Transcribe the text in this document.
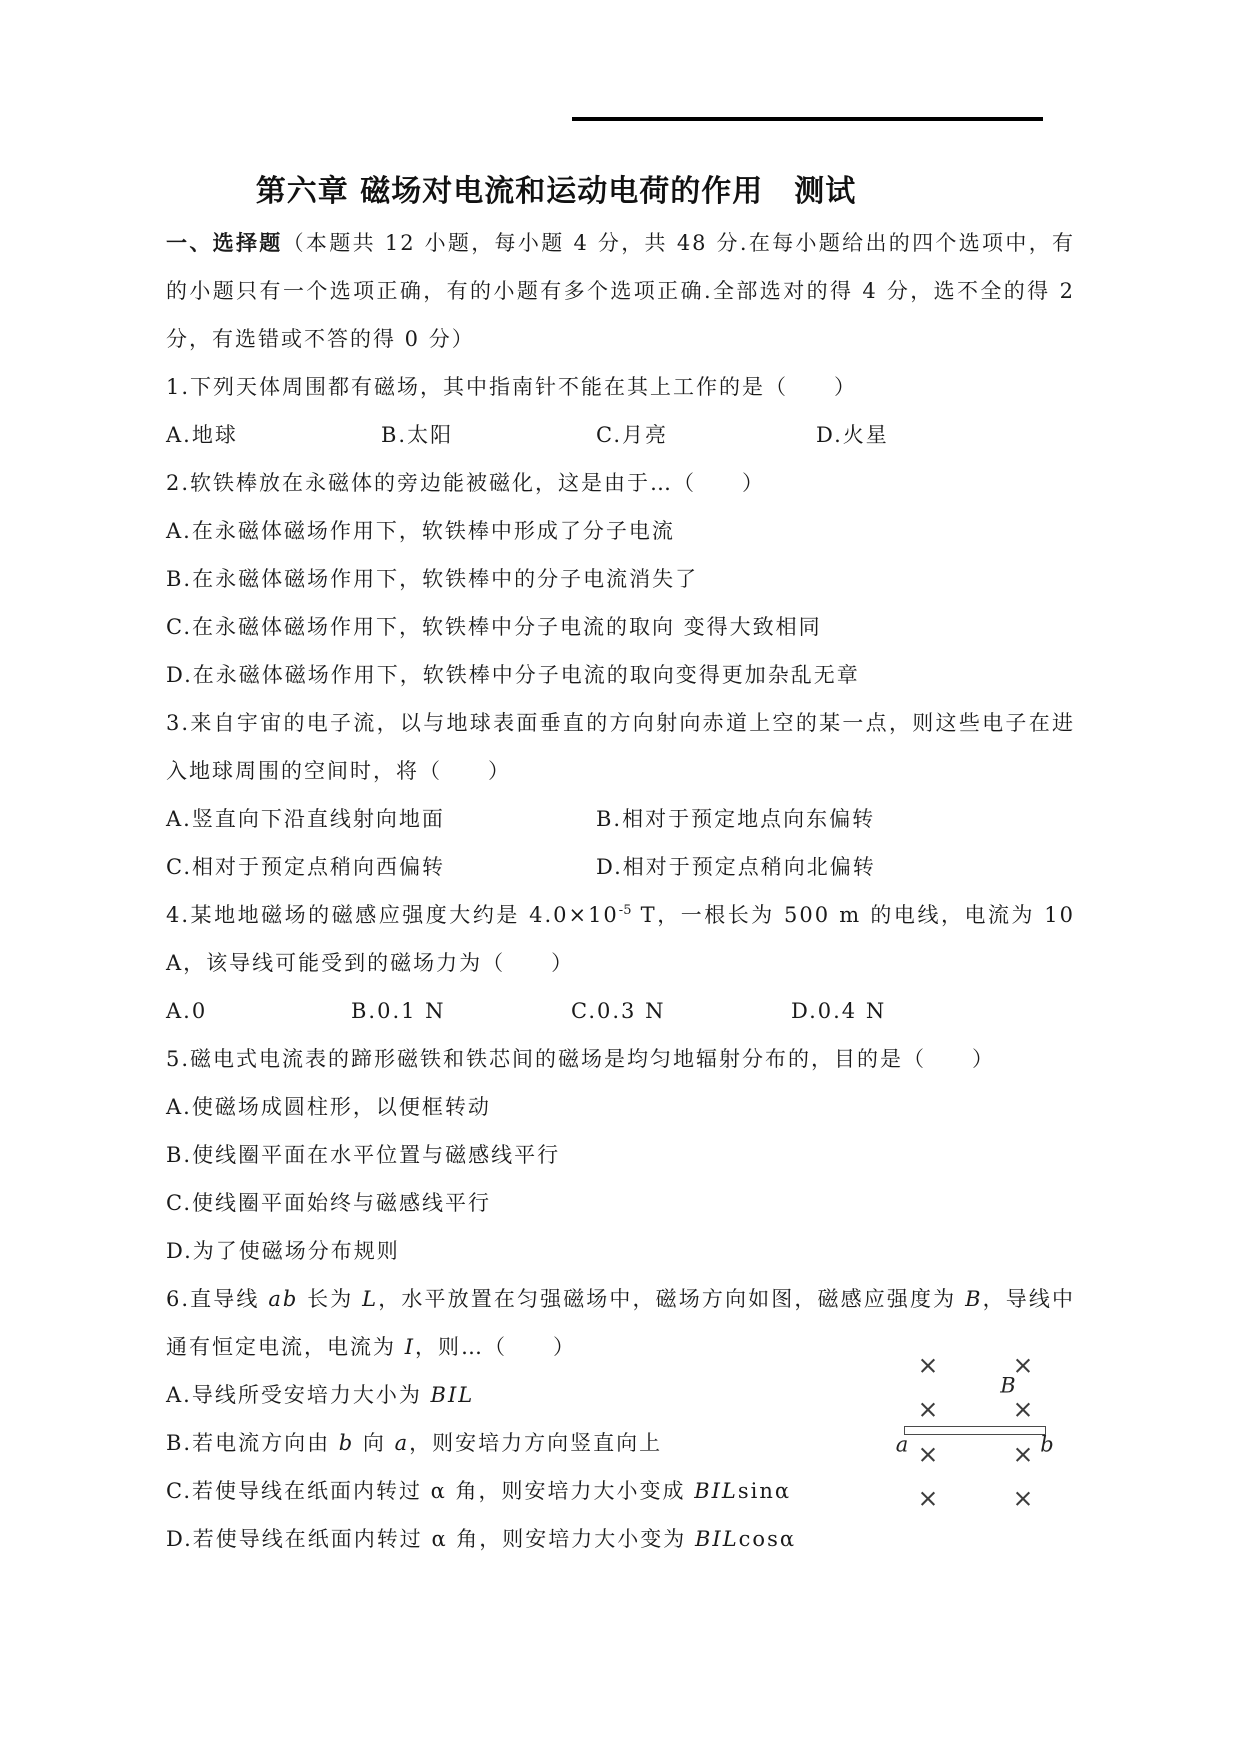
第六章 磁场对电流和运动电荷的作用　测试

一、选择题（本题共 12 小题，每小题 4 分，共 48 分.在每小题给出的四个选项中，有的小题只有一个选项正确，有的小题有多个选项正确.全部选对的得 4 分，选不全的得 2 分，有选错或不答的得 0 分）

1.下列天体周围都有磁场，其中指南针不能在其上工作的是（　　）

A.地球	B.太阳	C.月亮	D.火星

2.软铁棒放在永磁体的旁边能被磁化，这是由于…（　　）

A.在永磁体磁场作用下，软铁棒中形成了分子电流

B.在永磁体磁场作用下，软铁棒中的分子电流消失了

C.在永磁体磁场作用下，软铁棒中分子电流的取向 变得大致相同

D.在永磁体磁场作用下，软铁棒中分子电流的取向变得更加杂乱无章

3.来自宇宙的电子流，以与地球表面垂直的方向射向赤道上空的某一点，则这些电子在进入地球周围的空间时，将（　　）

A.竖直向下沿直线射向地面	B.相对于预定地点向东偏转
C.相对于预定点稍向西偏转	D.相对于预定点稍向北偏转

4.某地地磁场的磁感应强度大约是 $4.0\times 10^{-5}$ T，一根长为 500 m 的电线，电流为 10 A，该导线可能受到的磁场力为（　　）

A.0	B.0.1 N	C.0.3 N	D.0.4 N

5.磁电式电流表的蹄形磁铁和铁芯间的磁场是均匀地辐射分布的，目的是（　　）

A.使磁场成圆柱形，以便框转动

B.使线圈平面在水平位置与磁感线平行

C.使线圈平面始终与磁感线平行

D.为了使磁场分布规则

6.直导线 ab 长为 L，水平放置在匀强磁场中，磁场方向如图，磁感应强度为 B，导线中通有恒定电流，电流为 I，则…（　　）

A.导线所受安培力大小为 BIL

B.若电流方向由 b 向 a，则安培力方向竖直向上

C.若使导线在纸面内转过 α 角，则安培力大小变成 BILsinα

D.若使导线在纸面内转过 α 角，则安培力大小变为 BILcosα

×	×
B
×	×
a	b
×	×
×	×
